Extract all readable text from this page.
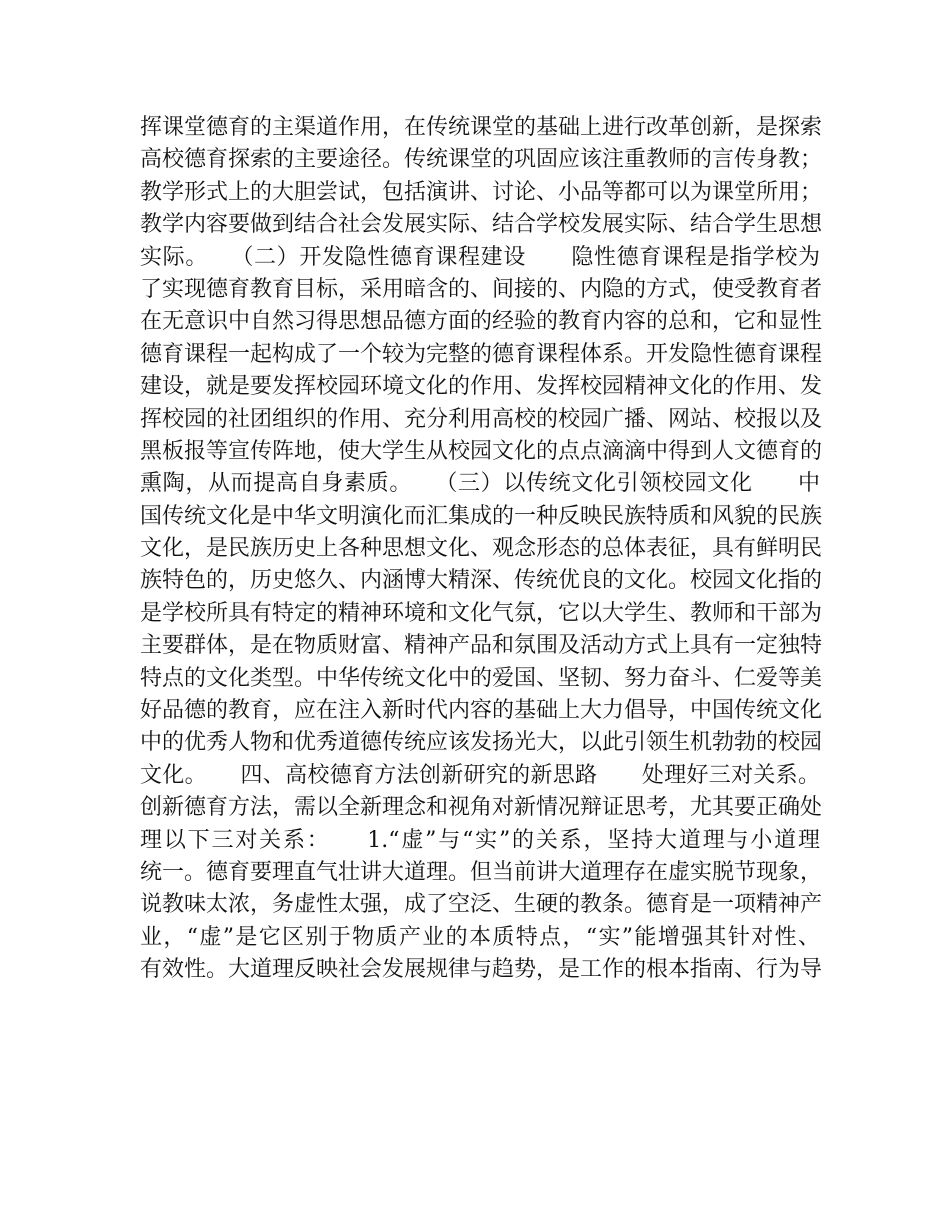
挥课堂德育的主渠道作用，在传统课堂的基础上进行改革创新，是探索
高校德育探索的主要途径。传统课堂的巩固应该注重教师的言传身教；
教学形式上的大胆尝试，包括演讲、讨论、小品等都可以为课堂所用；
教学内容要做到结合社会发展实际、结合学校发展实际、结合学生思想
实际。　　（二）开发隐性德育课程建设　　隐性德育课程是指学校为
了实现德育教育目标，采用暗含的、间接的、内隐的方式，使受教育者
在无意识中自然习得思想品德方面的经验的教育内容的总和，它和显性
德育课程一起构成了一个较为完整的德育课程体系。开发隐性德育课程
建设，就是要发挥校园环境文化的作用、发挥校园精神文化的作用、发
挥校园的社团组织的作用、充分利用高校的校园广播、网站、校报以及
黑板报等宣传阵地，使大学生从校园文化的点点滴滴中得到人文德育的
熏陶，从而提高自身素质。　　（三）以传统文化引领校园文化　　中
国传统文化是中华文明演化而汇集成的一种反映民族特质和风貌的民族
文化，是民族历史上各种思想文化、观念形态的总体表征，具有鲜明民
族特色的，历史悠久、内涵博大精深、传统优良的文化。校园文化指的
是学校所具有特定的精神环境和文化气氛，它以大学生、教师和干部为
主要群体，是在物质财富、精神产品和氛围及活动方式上具有一定独特
特点的文化类型。中华传统文化中的爱国、坚韧、努力奋斗、仁爱等美
好品德的教育，应在注入新时代内容的基础上大力倡导，中国传统文化
中的优秀人物和优秀道德传统应该发扬光大，以此引领生机勃勃的校园
文化。　　四、高校德育方法创新研究的新思路　　处理好三对关系。
创新德育方法，需以全新理念和视角对新情况辩证思考，尤其要正确处
理以下三对关系：　　1.“虚”与“实”的关系，坚持大道理与小道理
统一。德育要理直气壮讲大道理。但当前讲大道理存在虚实脱节现象，
说教味太浓，务虚性太强，成了空泛、生硬的教条。德育是一项精神产
业，“虚”是它区别于物质产业的本质特点，“实”能增强其针对性、
有效性。大道理反映社会发展规律与趋势，是工作的根本指南、行为导
